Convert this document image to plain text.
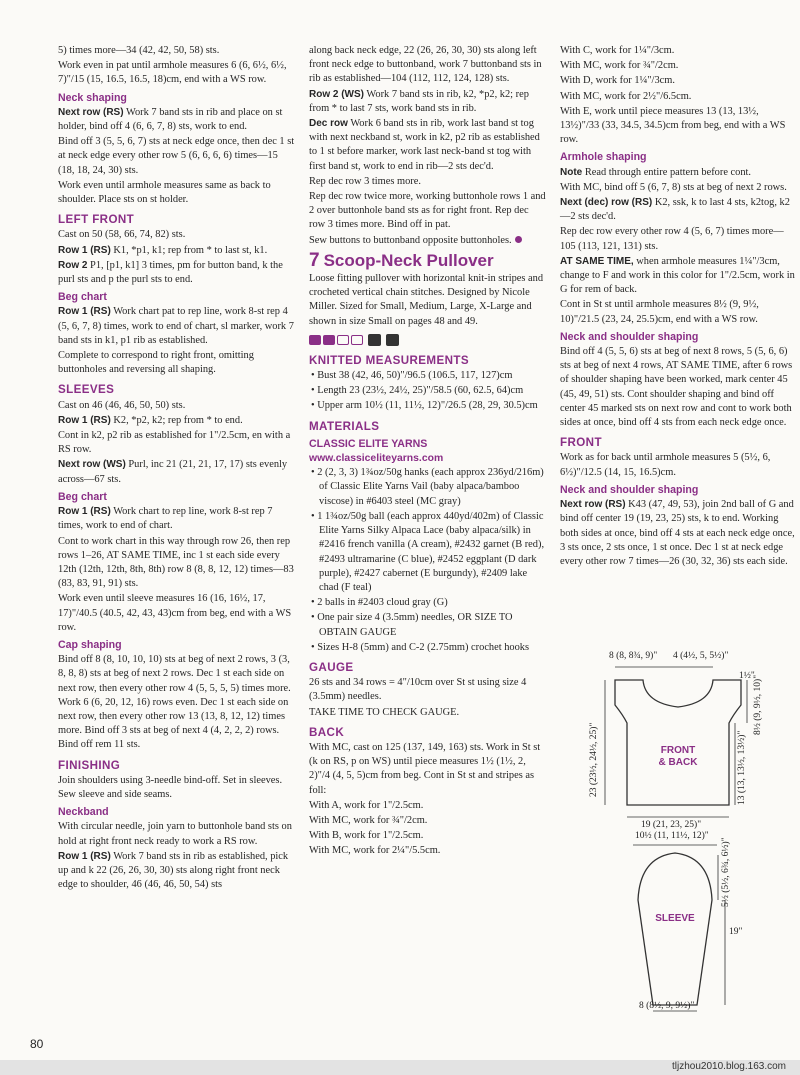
5) times more—34 (42, 42, 50, 58) sts.

Work even in pat until armhole measures 6 (6, 6½, 6½, 7)"/15 (15, 16.5, 16.5, 18)cm, end with a WS row.

Neck shaping

Next row (RS) Work 7 band sts in rib and place on st holder, bind off 4 (6, 6, 7, 8) sts, work to end.

Bind off 3 (5, 5, 6, 7) sts at neck edge once, then dec 1 st at neck edge every other row 5 (6, 6, 6, 6) times—15 (18, 18, 24, 30) sts.

Work even until armhole measures same as back to shoulder. Place sts on st holder.

LEFT FRONT

Cast on 50 (58, 66, 74, 82) sts.

Row 1 (RS) K1, *p1, k1; rep from * to last st, k1.

Row 2 P1, [p1, k1] 3 times, pm for button band, k the purl sts and p the purl sts to end.

Beg chart

Row 1 (RS) Work chart pat to rep line, work 8-st rep 4 (5, 6, 7, 8) times, work to end of chart, sl marker, work 7 band sts in k1, p1 rib as established.

Complete to correspond to right front, omitting buttonholes and reversing all shaping.

SLEEVES

Cast on 46 (46, 46, 50, 50) sts.

Row 1 (RS) K2, *p2, k2; rep from * to end.

Cont in k2, p2 rib as established for 1"/2.5cm, en with a RS row.

Next row (WS) Purl, inc 21 (21, 21, 17, 17) sts evenly across—67 sts.

Beg chart

Row 1 (RS) Work chart to rep line, work 8-st rep 7 times, work to end of chart.

Cont to work chart in this way through row 26, then rep rows 1–26, AT SAME TIME, inc 1 st each side every 12th (12th, 12th, 8th, 8th) row 8 (8, 8, 12, 12) times—83 (83, 83, 91, 91) sts.

Work even until sleeve measures 16 (16, 16½, 17, 17)"/40.5 (40.5, 42, 43, 43)cm from beg, end with a WS row.

Cap shaping

Bind off 8 (8, 10, 10, 10) sts at beg of next 2 rows, 3 (3, 8, 8, 8) sts at beg of next 2 rows. Dec 1 st each side on next row, then every other row 4 (5, 5, 5, 5) times more. Work 6 (6, 20, 12, 16) rows even. Dec 1 st each side on next row, then every other row 13 (13, 8, 12, 12) times more. Bind off 3 sts at beg of next 4 (4, 2, 2, 2) rows. Bind off rem 11 sts.

FINISHING

Join shoulders using 3-needle bind-off. Set in sleeves. Sew sleeve and side seams.

Neckband

With circular needle, join yarn to buttonhole band sts on hold at right front neck ready to work a RS row.

Row 1 (RS) Work 7 band sts in rib as established, pick up and k 22 (26, 26, 30, 30) sts along right front neck edge to shoulder, 46 (46, 46, 50, 54) sts

along back neck edge, 22 (26, 26, 30, 30) sts along left front neck edge to buttonband, work 7 buttonband sts in rib as established—104 (112, 112, 124, 128) sts.

Row 2 (WS) Work 7 band sts in rib, k2, *p2, k2; rep from * to last 7 sts, work band sts in rib.

Dec row Work 6 band sts in rib, work last band st tog with next neckband st, work in k2, p2 rib as established to 1 st before marker, work last neck-band st tog with first band st, work to end in rib—2 sts dec'd.

Rep dec row 3 times more.

Rep dec row twice more, working buttonhole rows 1 and 2 over buttonhole band sts as for right front. Rep dec row 3 times more. Bind off in pat.

Sew buttons to buttonband opposite buttonholes.

7 Scoop-Neck Pullover

Loose fitting pullover with horizontal knit-in stripes and crocheted vertical chain stitches. Designed by Nicole Miller. Sized for Small, Medium, Large, X-Large and shown in size Small on pages 48 and 49.

KNITTED MEASUREMENTS

• Bust 38 (42, 46, 50)"/96.5 (106.5, 117, 127)cm

• Length 23 (23½, 24½, 25)"/58.5 (60, 62.5, 64)cm

• Upper arm 10½ (11, 11½, 12)"/26.5 (28, 29, 30.5)cm

MATERIALS
CLASSIC ELITE YARNS
www.classiceliteyarns.com

• 2 (2, 3, 3) 1¾oz/50g hanks (each approx 236yd/216m) of Classic Elite Yarns Vail (baby alpaca/bamboo viscose) in #6403 steel (MC gray)

• 1 1¾oz/50g ball (each approx 440yd/402m) of Classic Elite Yarns Silky Alpaca Lace (baby alpaca/silk) in #2416 french vanilla (A cream), #2432 garnet (B red), #2493 ultramarine (C blue), #2452 eggplant (D dark purple), #2427 cabernet (E burgundy), #2409 lake chad (F teal)

• 2 balls in #2403 cloud gray (G)

• One pair size 4 (3.5mm) needles, OR SIZE TO OBTAIN GAUGE

• Sizes H-8 (5mm) and C-2 (2.75mm) crochet hooks

GAUGE

26 sts and 34 rows = 4"/10cm over St st using size 4 (3.5mm) needles.

TAKE TIME TO CHECK GAUGE.

BACK

With MC, cast on 125 (137, 149, 163) sts. Work in St st (k on RS, p on WS) until piece measures 1½ (1½, 2, 2)"/4 (4, 5, 5)cm from beg. Cont in St st and stripes as foll:

With A, work for 1"/2.5cm.

With MC, work for ¾"/2cm.

With B, work for 1"/2.5cm.

With MC, work for 2¼"/5.5cm.

With C, work for 1¼"/3cm.

With MC, work for ¾"/2cm.

With D, work for 1¼"/3cm.

With MC, work for 2½"/6.5cm.

With E, work until piece measures 13 (13, 13½, 13½)"/33 (33, 34.5, 34.5)cm from beg, end with a WS row.

Armhole shaping

Note Read through entire pattern before cont.

With MC, bind off 5 (6, 7, 8) sts at beg of next 2 rows.

Next (dec) row (RS) K2, ssk, k to last 4 sts, k2tog, k2—2 sts dec'd.

Rep dec row every other row 4 (5, 6, 7) times more—105 (113, 121, 131) sts.

AT SAME TIME, when armhole measures 1¼"/3cm, change to F and work in this color for 1"/2.5cm, work in G for rem of back.

Cont in St st until armhole measures 8½ (9, 9½, 10)"/21.5 (23, 24, 25.5)cm, end with a WS row.

Neck and shoulder shaping

Bind off 4 (5, 5, 6) sts at beg of next 8 rows, 5 (5, 6, 6) sts at beg of next 4 rows, AT SAME TIME, after 6 rows of shoulder shaping have been worked, mark center 45 (45, 49, 51) sts. Cont shoulder shaping and bind off center 45 marked sts on next row and cont to work both sides at once, bind off 4 sts from each neck edge once.

FRONT

Work as for back until armhole measures 5 (5½, 6, 6½)"/12.5 (14, 15, 16.5)cm.

Neck and shoulder shaping

Next row (RS) K43 (47, 49, 53), join 2nd ball of G and bind off center 19 (19, 23, 25) sts, k to end. Working both sides at once, bind off 4 sts at each neck edge once, 3 sts once, 2 sts once, 1 st once. Dec 1 st at neck edge every other row 7 times—26 (30, 32, 36) sts each side.

8 (8, 8¾, 9)" 4 (4½, 5, 5½)"
1½"
8½ (9, 9½, 10)"
23 (23½, 24½, 25)"	13 (13, 13½, 13½)"
19 (21, 23, 25)"
FRONT
& BACK
10½ (11, 11½, 12)"
5½ (5½, 6¾, 6½)"
19"
SLEEVE
8 (8½, 9, 9½)"
80
tljzhou2010.blog.163.com
